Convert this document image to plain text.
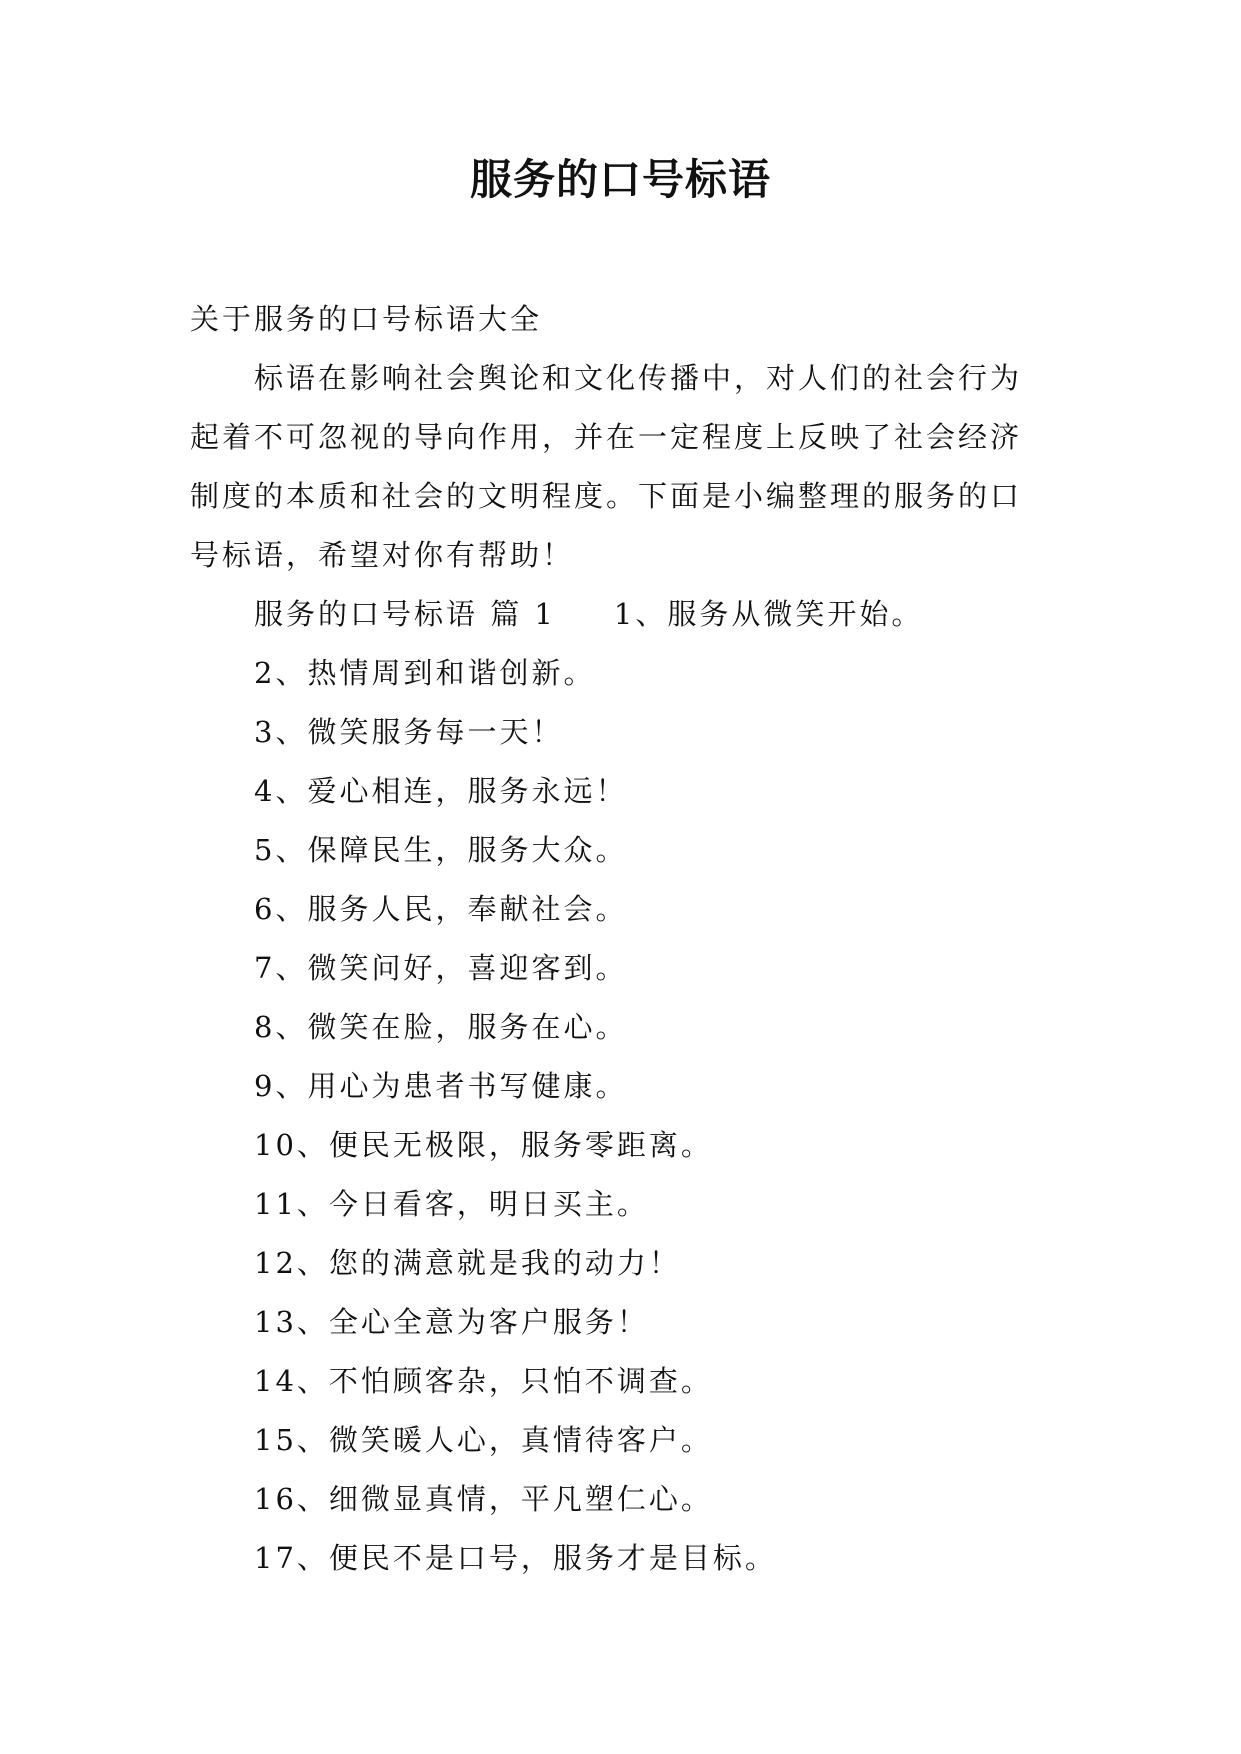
服务的口号标语
关于服务的口号标语大全
标语在影响社会舆论和文化传播中，对人们的社会行为
起着不可忽视的导向作用，并在一定程度上反映了社会经济
制度的本质和社会的文明程度。下面是小编整理的服务的口
号标语，希望对你有帮助！
服务的口号标语 篇 1 1、服务从微笑开始。
2、热情周到和谐创新。
3、微笑服务每一天！
4、爱心相连，服务永远！
5、保障民生，服务大众。
6、服务人民，奉献社会。
7、微笑问好，喜迎客到。
8、微笑在脸，服务在心。
9、用心为患者书写健康。
10、便民无极限，服务零距离。
11、今日看客，明日买主。
12、您的满意就是我的动力！
13、全心全意为客户服务！
14、不怕顾客杂，只怕不调查。
15、微笑暖人心，真情待客户。
16、细微显真情，平凡塑仁心。
17、便民不是口号，服务才是目标。
